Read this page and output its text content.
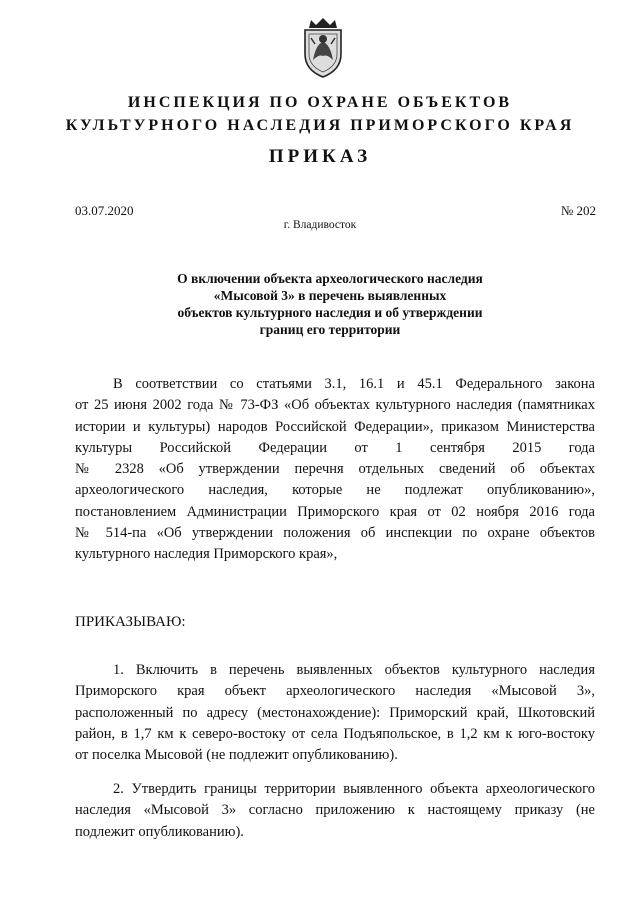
ИНСПЕКЦИЯ ПО ОХРАНЕ ОБЪЕКТОВ
КУЛЬТУРНОГО НАСЛЕДИЯ ПРИМОРСКОГО КРАЯ
ПРИКАЗ
03.07.2020	№ 202
г. Владивосток
О включении объекта археологического наследия
«Мысовой 3» в перечень выявленных
объектов культурного наследия и об утверждении
границ его территории
В соответствии со статьями 3.1, 16.1 и 45.1 Федерального закона
от 25 июня 2002 года № 73-ФЗ «Об объектах культурного наследия (памятниках
истории и культуры) народов Российской Федерации», приказом Министерства
культуры Российской Федерации от 1 сентября 2015 года
№ 2328 «Об утверждении перечня отдельных сведений об объектах
археологического наследия, которые не подлежат опубликованию»,
постановлением Администрации Приморского края от 02 ноября 2016 года
№ 514-па «Об утверждении положения об инспекции по охране объектов
культурного наследия Приморского края»,
ПРИКАЗЫВАЮ:
1. Включить в перечень выявленных объектов культурного наследия
Приморского края объект археологического наследия «Мысовой 3»,
расположенный по адресу (местонахождение): Приморский край, Шкотовский
район, в 1,7 км к северо-востоку от села Подъяпольское, в 1,2 км к юго-востоку
от поселка Мысовой (не подлежит опубликованию).
2. Утвердить границы территории выявленного объекта археологического
наследия «Мысовой 3» согласно приложению к настоящему приказу (не
подлежит опубликованию).
